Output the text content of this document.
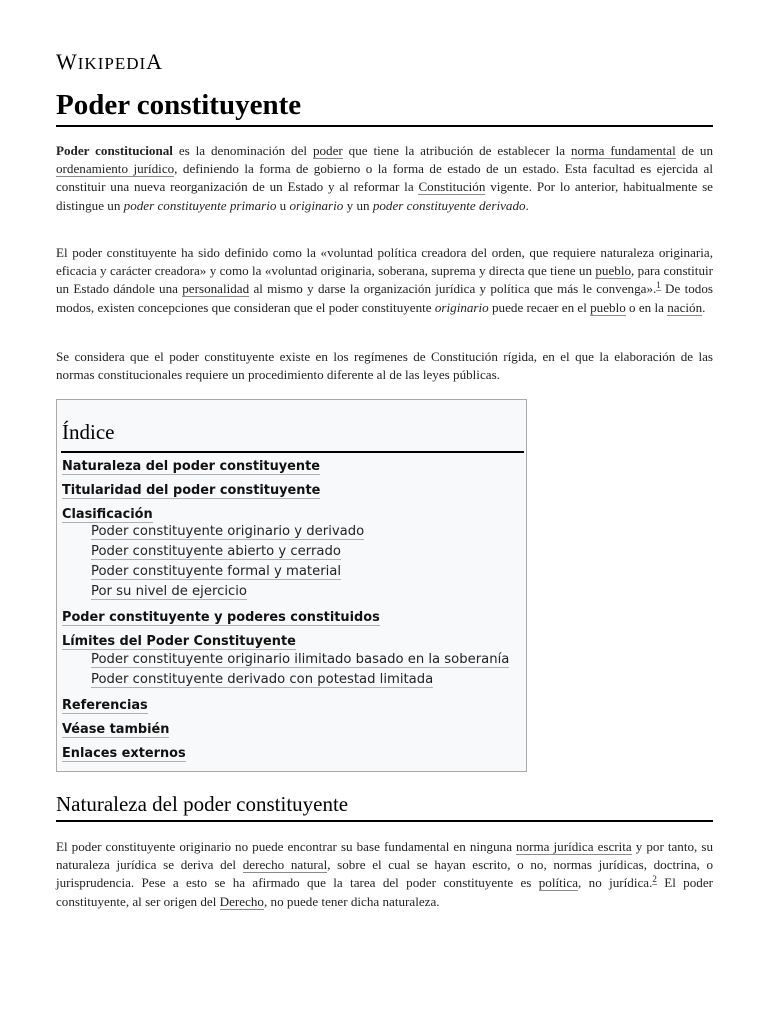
WIKIPEDIA
Poder constituyente

Poder constitucional es la denominación del poder que tiene la atribución de establecer la norma fundamental de un ordenamiento jurídico, definiendo la forma de gobierno o la forma de estado de un estado. Esta facultad es ejercida al constituir una nueva reorganización de un Estado y al reformar la Constitución vigente. Por lo anterior, habitualmente se distingue un poder constituyente primario u originario y un poder constituyente derivado.

El poder constituyente ha sido definido como la «voluntad política creadora del orden, que requiere naturaleza originaria, eficacia y carácter creadora» y como la «voluntad originaria, soberana, suprema y directa que tiene un pueblo, para constituir un Estado dándole una personalidad al mismo y darse la organización jurídica y política que más le convenga».$^1$ De todos modos, existen concepciones que consideran que el poder constituyente originario puede recaer en el pueblo o en la nación.

Se considera que el poder constituyente existe en los regímenes de Constitución rígida, en el que la elaboración de las normas constitucionales requiere un procedimiento diferente al de las leyes públicas.

Índice
Naturaleza del poder constituyente
Titularidad del poder constituyente
Clasificación
Poder constituyente originario y derivado
Poder constituyente abierto y cerrado
Poder constituyente formal y material
Por su nivel de ejercicio
Poder constituyente y poderes constituidos
Límites del Poder Constituyente
Poder constituyente originario ilimitado basado en la soberanía
Poder constituyente derivado con potestad limitada
Referencias
Véase también
Enlaces externos
Naturaleza del poder constituyente

El poder constituyente originario no puede encontrar su base fundamental en ninguna norma jurídica escrita y por tanto, su naturaleza jurídica se deriva del derecho natural, sobre el cual se hayan escrito, o no, normas jurídicas, doctrina, o jurisprudencia. Pese a esto se ha afirmado que la tarea del poder constituyente es política, no jurídica.$^2$ El poder constituyente, al ser origen del Derecho, no puede tener dicha naturaleza.
